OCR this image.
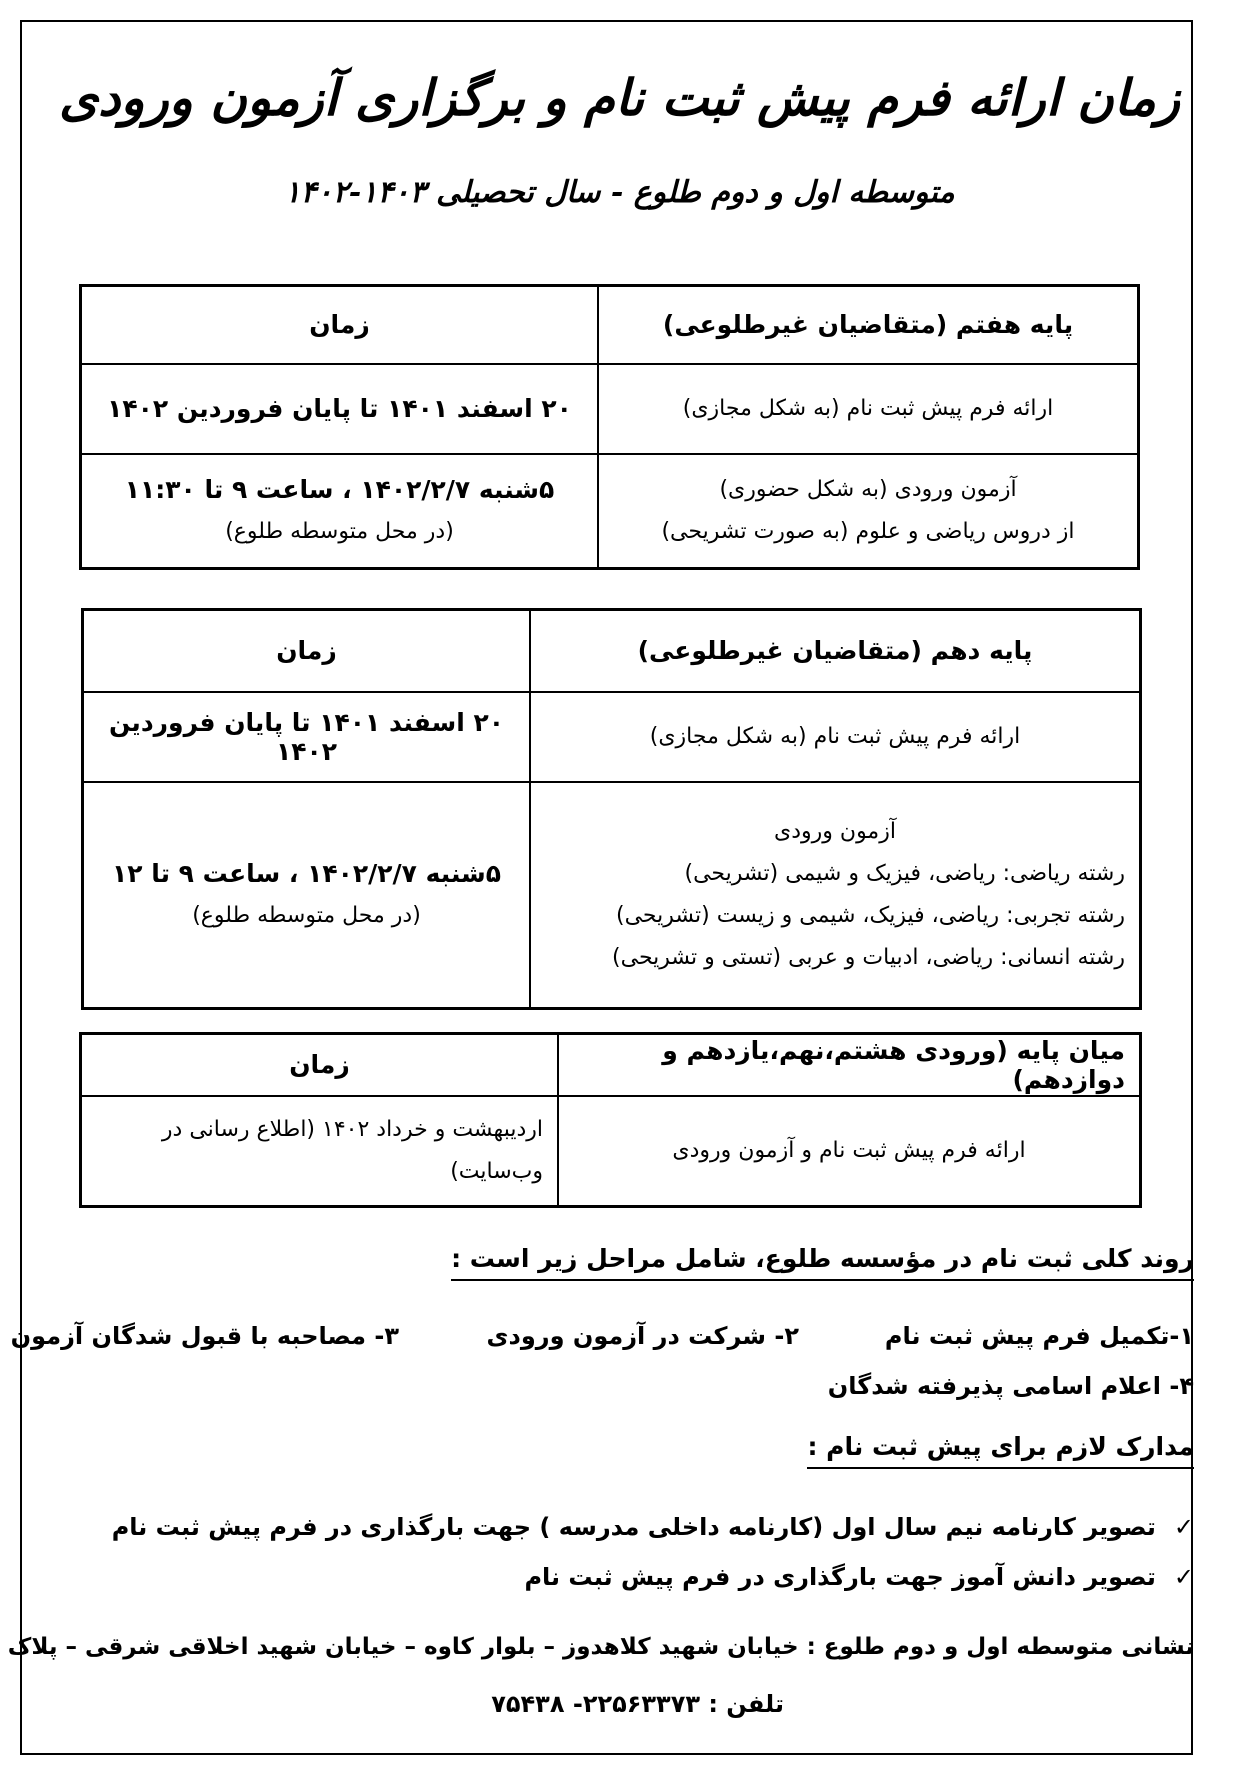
زمان ارائه فرم پیش ثبت نام و برگزاری آزمون ورودی
متوسطه اول و دوم طلوع - سال تحصیلی ۱۴۰۳-۱۴۰۲
پایه هفتم (متقاضیان غیرطلوعی)	زمان
ارائه فرم پیش ثبت نام (به شکل مجازی)	۲۰ اسفند ۱۴۰۱ تا پایان فروردین ۱۴۰۲

آزمون ورودی (به شکل حضوری)
از دروس ریاضی و علوم (به صورت تشریحی)	۵شنبه ۱۴۰۲/۲/۷ ، ساعت ۹ تا ۱۱:۳۰
(در محل متوسطه طلوع)
پایه دهم (متقاضیان غیرطلوعی)	زمان
ارائه فرم پیش ثبت نام (به شکل مجازی)	۲۰ اسفند ۱۴۰۱ تا پایان فروردین ۱۴۰۲

آزمون ورودی
رشته ریاضی: ریاضی، فیزیک و شیمی (تشریحی)
رشته تجربی: ریاضی، فیزیک، شیمی و زیست (تشریحی)
رشته انسانی: ریاضی، ادبیات و عربی (تستی و تشریحی)	۵شنبه ۱۴۰۲/۲/۷ ، ساعت ۹ تا ۱۲
(در محل متوسطه طلوع)
میان پایه (ورودی هشتم،نهم،یازدهم و دوازدهم)	زمان
ارائه فرم پیش ثبت نام و آزمون ورودی	اردیبهشت و خرداد ۱۴۰۲ (اطلاع رسانی در
وب‌سایت)
روند کلی ثبت نام در مؤسسه طلوع، شامل مراحل زیر است :
۱-تکمیل فرم پیش ثبت نام
۲- شرکت در آزمون ورودی
۳- مصاحبه با قبول شدگان آزمون
۴- اعلام اسامی پذیرفته شدگان
مدارک لازم برای پیش ثبت نام :
✓تصویر کارنامه نیم سال اول (کارنامه داخلی مدرسه ) جهت بارگذاری در فرم پیش ثبت نام
✓تصویر دانش آموز جهت بارگذاری در فرم پیش ثبت نام
نشانی متوسطه اول و دوم طلوع : خیابان شهید کلاهدوز – بلوار کاوه – خیابان شهید اخلاقی شرقی – پلاک
تلفن : ۲۲۵۶۳۳۷۳- ۷۵۴۳۸
